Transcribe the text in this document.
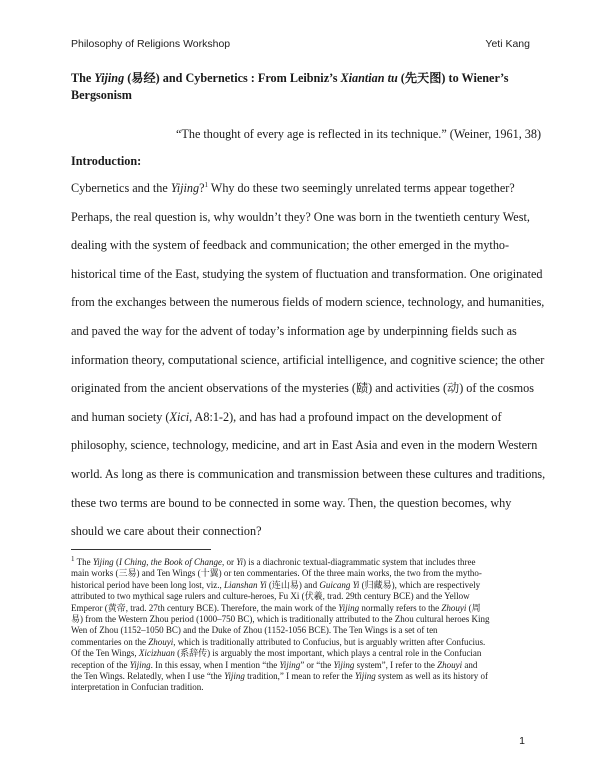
Philosophy of Religions Workshop	Yeti Kang
The Yijing (易经) and Cybernetics : From Leibniz’s Xiantian tu (先天图) to Wiener’s
Bergsonism
“The thought of every age is reflected in its technique.” (Weiner, 1961, 38)
Introduction:
Cybernetics and the Yijing?$^1$ Why do these two seemingly unrelated terms appear together?
Perhaps, the real question is, why wouldn’t they? One was born in the twentieth century West,
dealing with the system of feedback and communication; the other emerged in the mytho-
historical time of the East, studying the system of fluctuation and transformation. One originated
from the exchanges between the numerous fields of modern science, technology, and humanities,
and paved the way for the advent of today’s information age by underpinning fields such as
information theory, computational science, artificial intelligence, and cognitive science; the other
originated from the ancient observations of the mysteries (赜) and activities (动) of the cosmos
and human society (Xici, A8:1-2), and has had a profound impact on the development of
philosophy, science, technology, medicine, and art in East Asia and even in the modern Western
world. As long as there is communication and transmission between these cultures and traditions,
these two terms are bound to be connected in some way. Then, the question becomes, why
should we care about their connection?
$^1$ The Yijing (I Ching, the Book of Change, or Yi) is a diachronic textual-diagrammatic system that includes three
main works (三易) and Ten Wings (十翼) or ten commentaries. Of the three main works, the two from the mytho-
historical period have been long lost, viz., Lianshan Yi (连山易) and Guicang Yi (归藏易), which are respectively
attributed to two mythical sage rulers and culture-heroes, Fu Xi (伏羲, trad. 29th century BCE) and the Yellow
Emperor (黄帝, trad. 27th century BCE). Therefore, the main work of the Yijing normally refers to the Zhouyi (周
易) from the Western Zhou period (1000–750 BC), which is traditionally attributed to the Zhou cultural heroes King
Wen of Zhou (1152–1050 BC) and the Duke of Zhou (1152-1056 BCE). The Ten Wings is a set of ten
commentaries on the Zhouyi, which is traditionally attributed to Confucius, but is arguably written after Confucius.
Of the Ten Wings, Xicizhuan (系辞传) is arguably the most important, which plays a central role in the Confucian
reception of the Yijing. In this essay, when I mention “the Yijing” or “the Yijing system”, I refer to the Zhouyi and
the Ten Wings. Relatedly, when I use “the Yijing tradition,” I mean to refer the Yijing system as well as its history of
interpretation in Confucian tradition.
1
